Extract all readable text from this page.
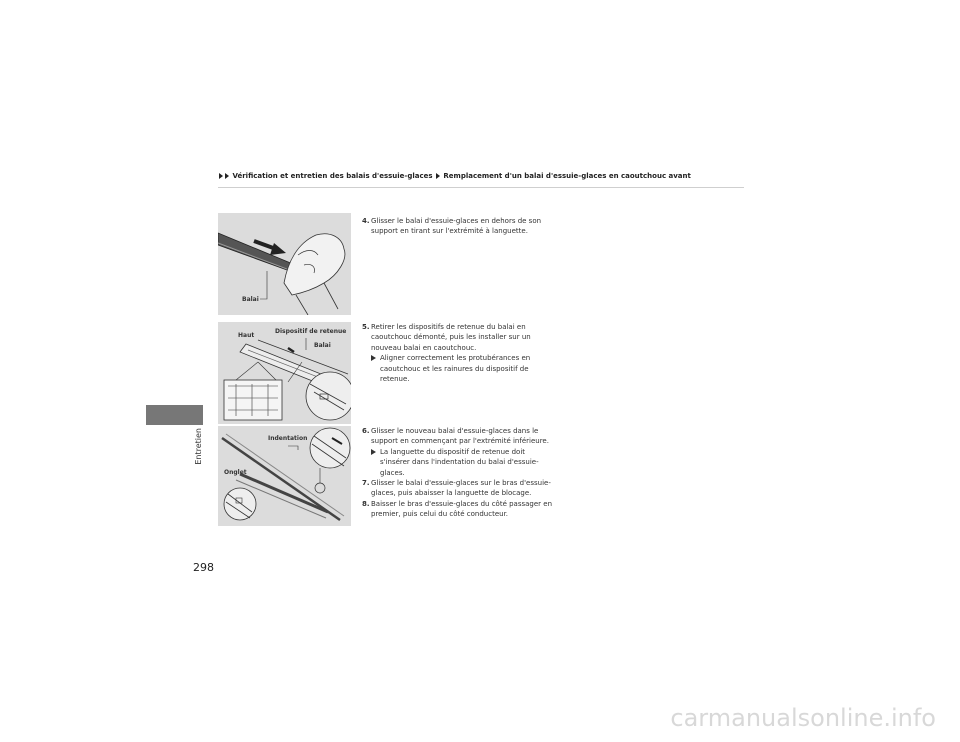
Vérification et entretien des balais d'essuie-glaces Remplacement d'un balai d'essuie-glaces en caoutchouc avant
Entretien
298
Balai
Haut
Dispositif de retenue
Balai
Indentation
Onglet
4. Glisser le balai d'essuie-glaces en dehors de son support en tirant sur l'extrémité à languette.
5. Retirer les dispositifs de retenue du balai en caoutchouc démonté, puis les installer sur un nouveau balai en caoutchouc.
Aligner correctement les protubérances en caoutchouc et les rainures du dispositif de retenue.
6. Glisser le nouveau balai d'essuie-glaces dans le support en commençant par l'extrémité inférieure.
La languette du dispositif de retenue doit s'insérer dans l'indentation du balai d'essuie-glaces.
7. Glisser le balai d'essuie-glaces sur le bras d'essuie-glaces, puis abaisser la languette de blocage.
8. Baisser le bras d'essuie-glaces du côté passager en premier, puis celui du côté conducteur.
carmanualsonline.info
